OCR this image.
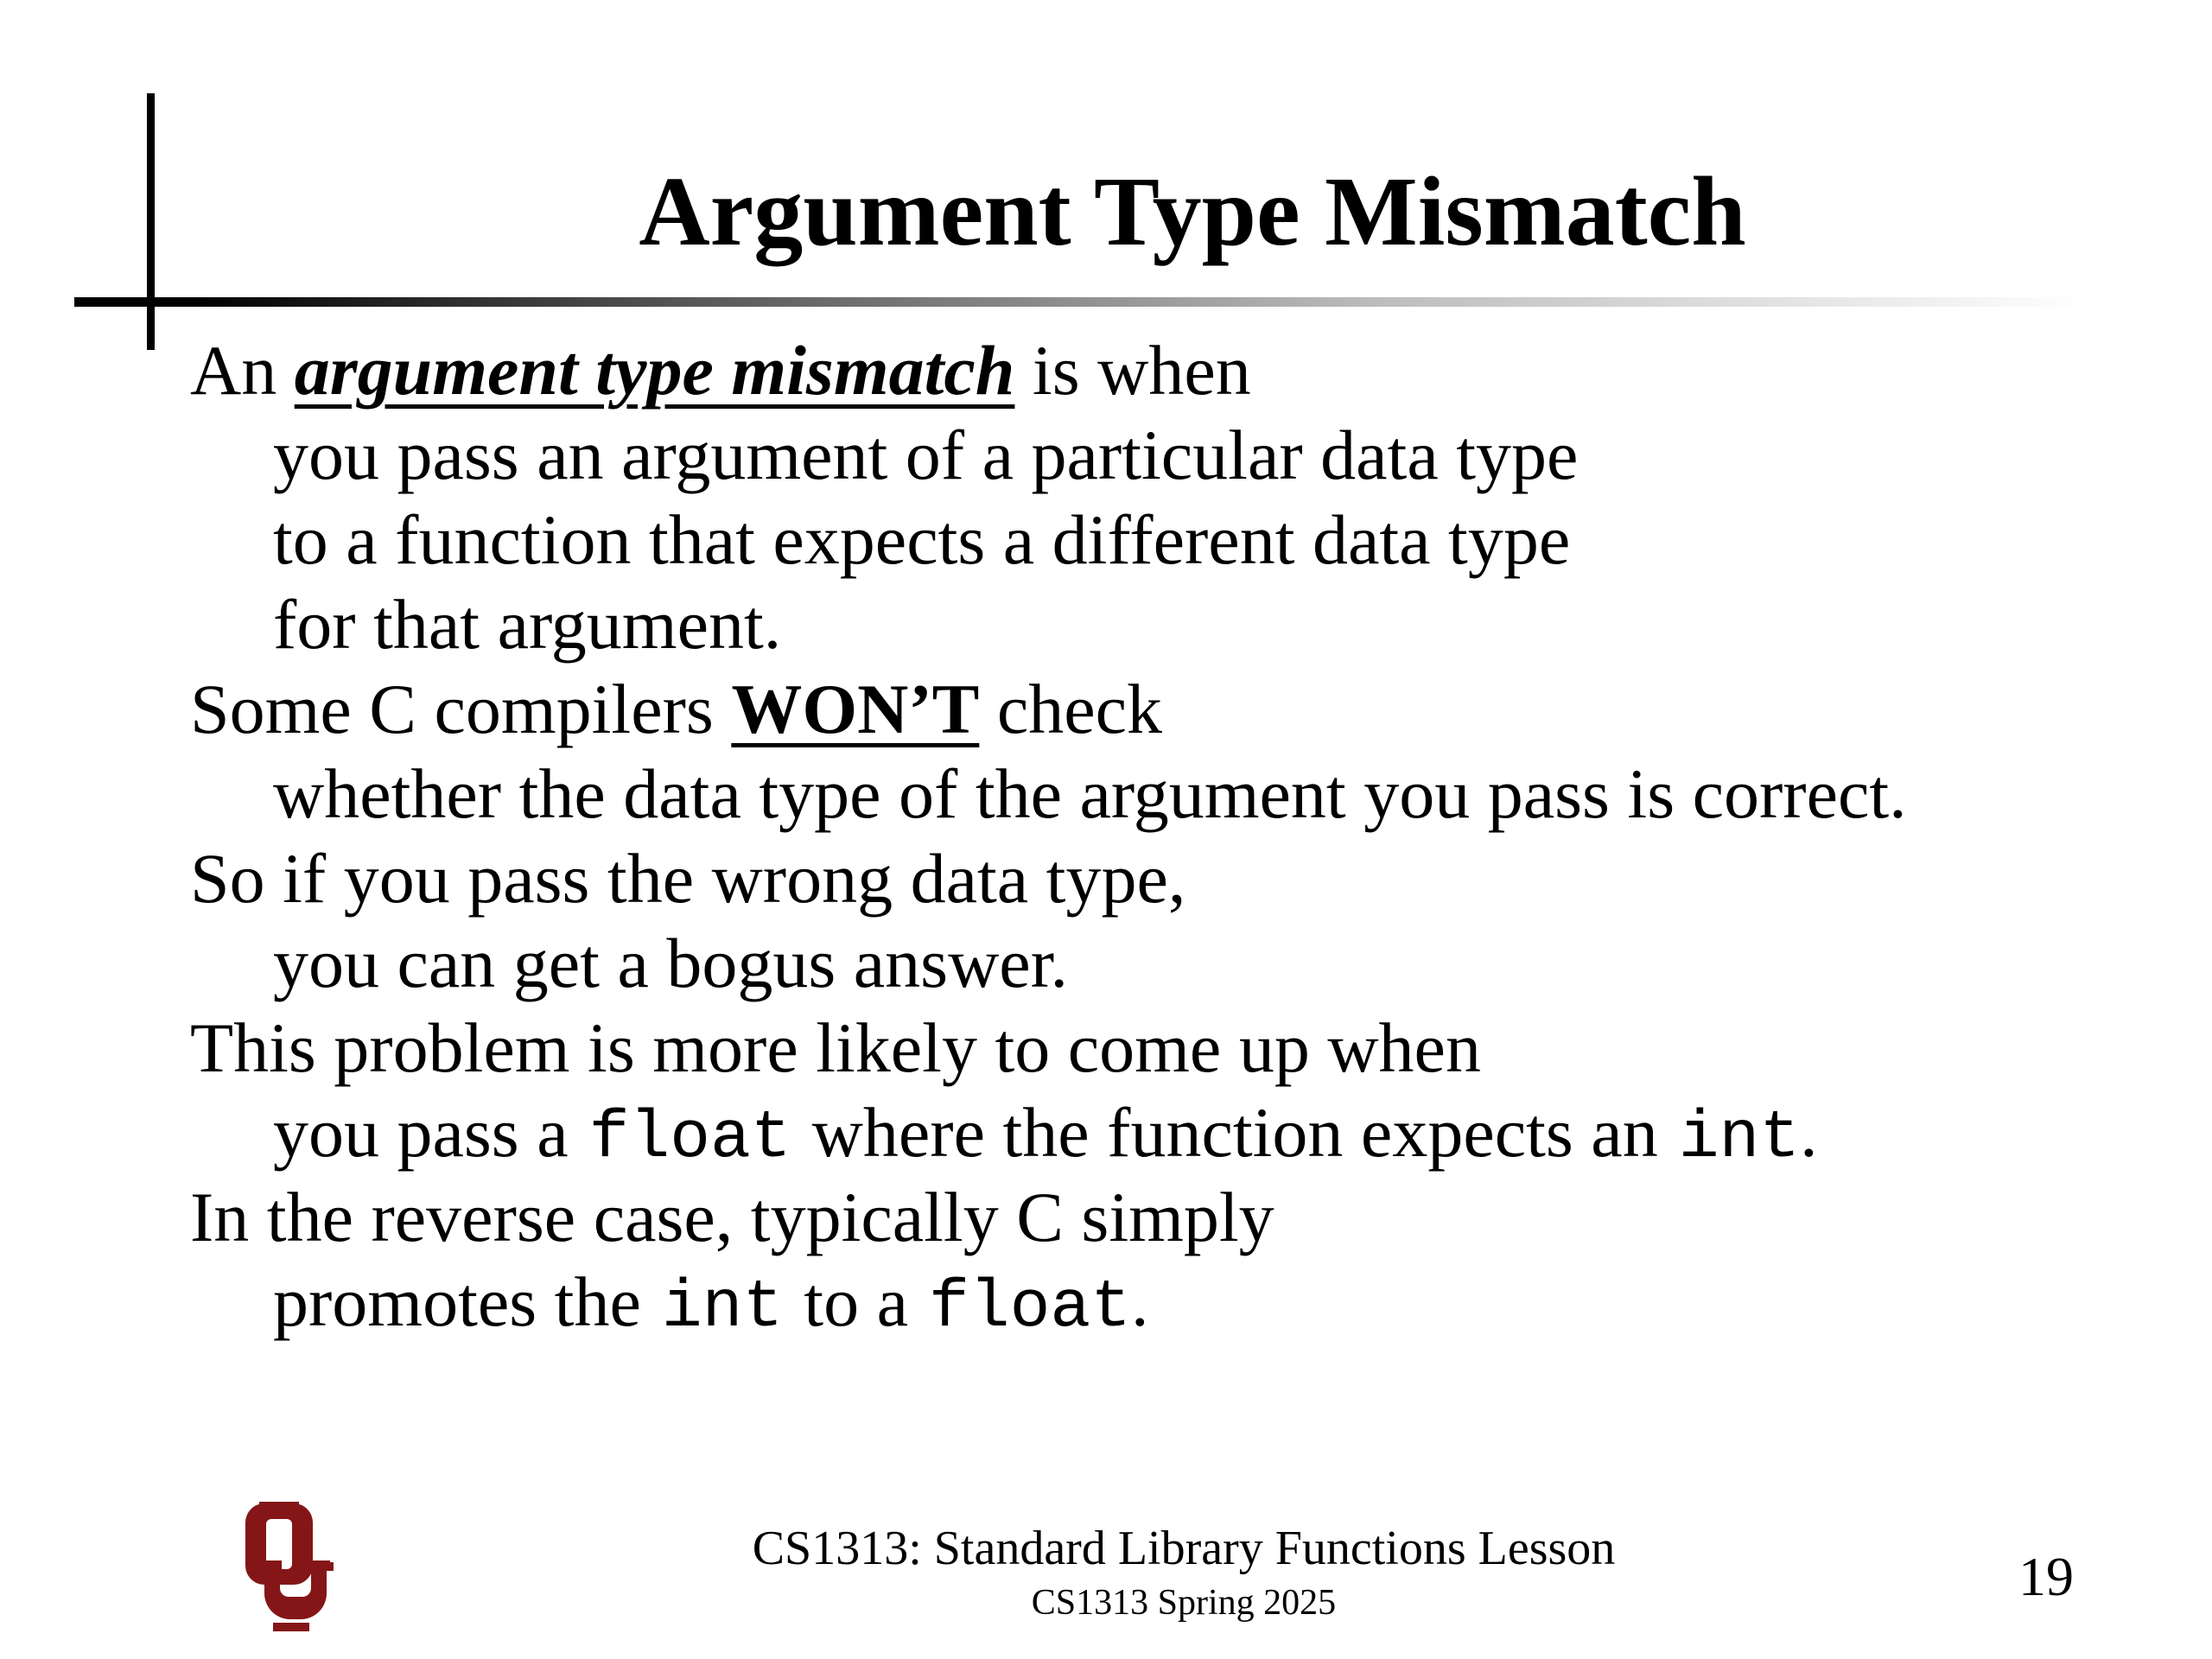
Argument Type Mismatch
An argument type mismatch is when
you pass an argument of a particular data type
to a function that expects a different data type
for that argument.
Some C compilers WON’T check
whether the data type of the argument you pass is correct.
So if you pass the wrong data type,
you can get a bogus answer.
This problem is more likely to come up when
you pass a float where the function expects an int.
In the reverse case, typically C simply
promotes the int to a float.
CS1313: Standard Library Functions Lesson
CS1313 Spring 2025	19
